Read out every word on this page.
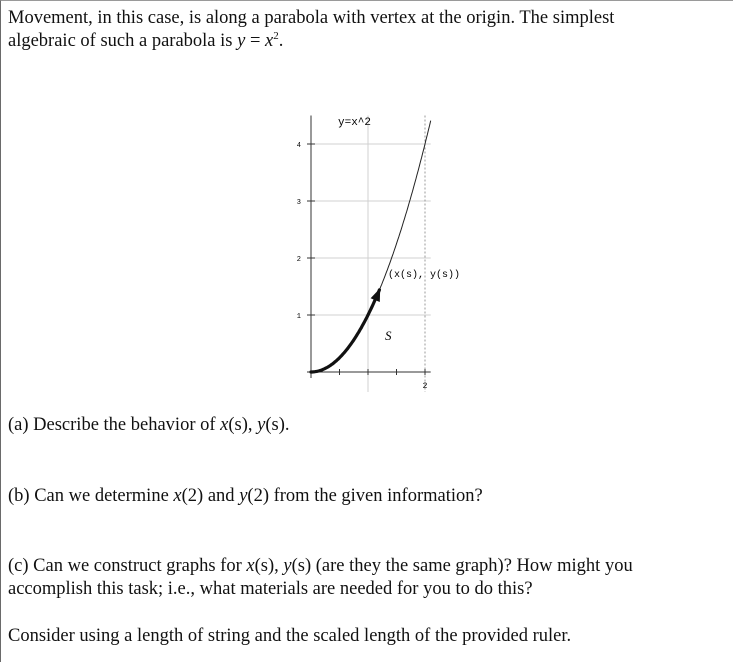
Movement, in this case, is along a parabola with vertex at the origin. The simplest
algebraic of such a parabola is $y = x^2$.

y=x^2
(x(s), y(s))
S
1
2
3
4
2

(a) Describe the behavior of x(s), y(s).

(b) Can we determine x(2) and y(2) from the given information?

(c) Can we construct graphs for x(s), y(s) (are they the same graph)? How might you
accomplish this task; i.e., what materials are needed for you to do this?

Consider using a length of string and the scaled length of the provided ruler.
